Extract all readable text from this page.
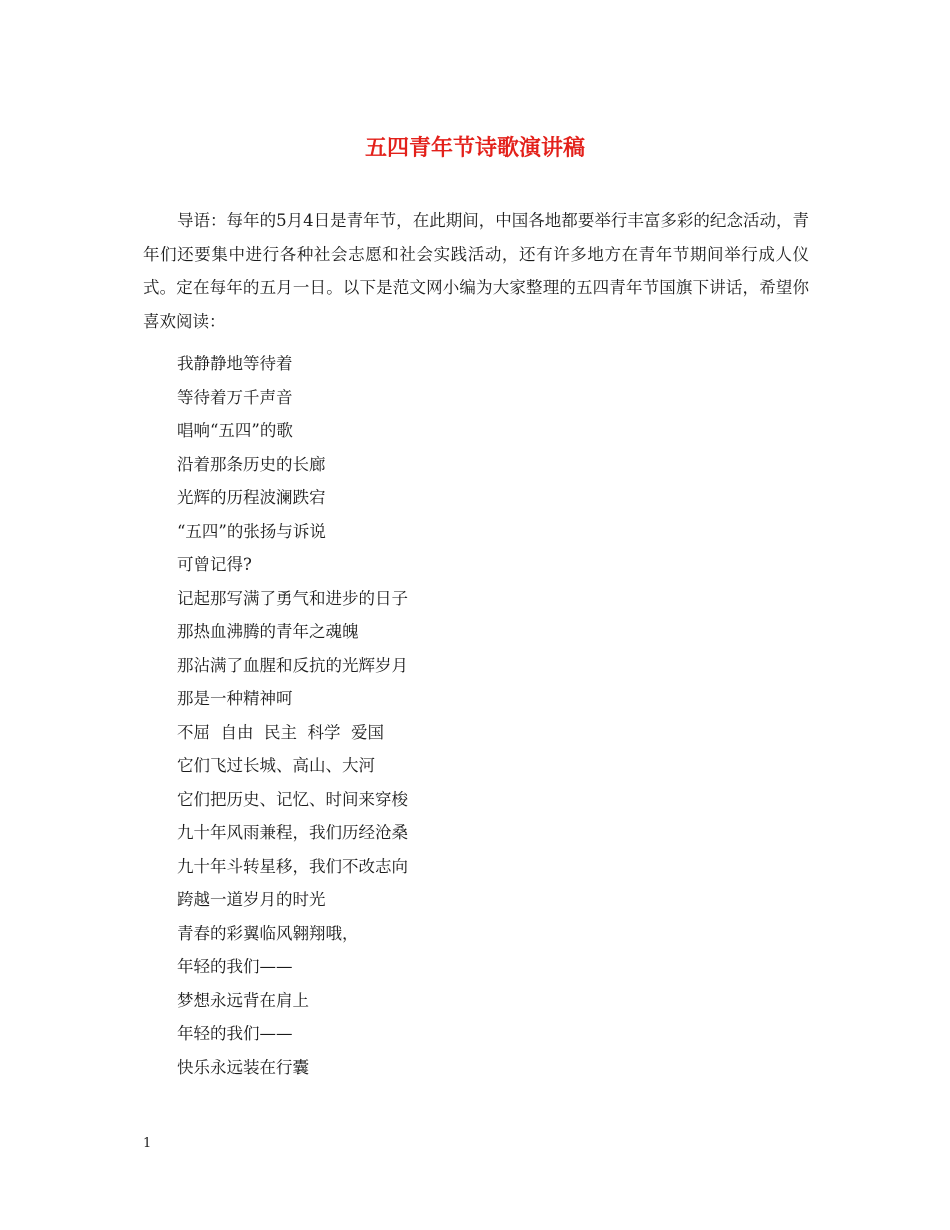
五四青年节诗歌演讲稿

导语：每年的5月4日是青年节，在此期间，中国各地都要举行丰富多彩的纪念活动，青年们还要集中进行各种社会志愿和社会实践活动，还有许多地方在青年节期间举行成人仪式。定在每年的五月一日。以下是范文网小编为大家整理的五四青年节国旗下讲话，希望你喜欢阅读：

我静静地等待着
等待着万千声音
唱响“五四”的歌
沿着那条历史的长廊
光辉的历程波澜跌宕
“五四”的张扬与诉说
可曾记得?
记起那写满了勇气和进步的日子
那热血沸腾的青年之魂魄
那沾满了血腥和反抗的光辉岁月
那是一种精神呵
不屈  自由  民主  科学  爱国
它们飞过长城、高山、大河
它们把历史、记忆、时间来穿梭
九十年风雨兼程，我们历经沧桑
九十年斗转星移，我们不改志向
跨越一道岁月的时光
青春的彩翼临风翱翔哦，
年轻的我们——
梦想永远背在肩上
年轻的我们——
快乐永远装在行囊
1
